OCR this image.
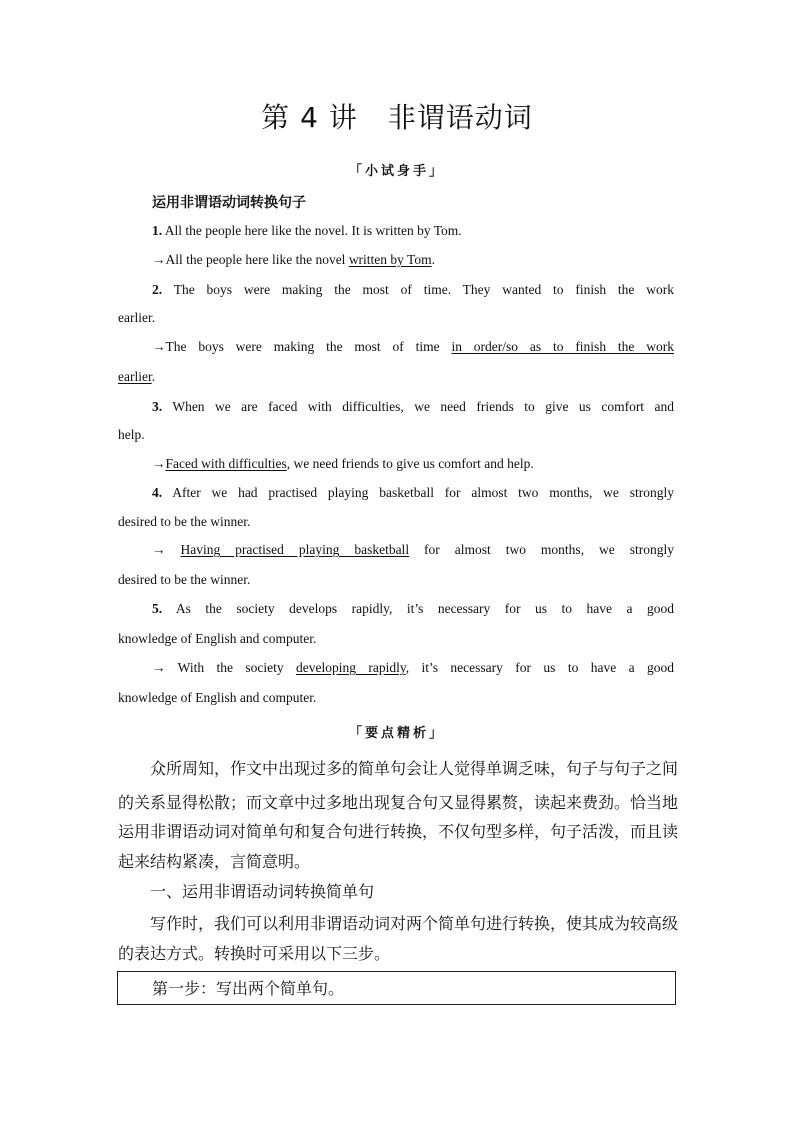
第 4 讲 非谓语动词
「小试身手」
运用非谓语动词转换句子
1. All the people here like the novel. It is written by Tom.
→All the people here like the novel written by Tom.
2. The boys were making the most of time. They wanted to finish the work
earlier.
→The boys were making the most of time in order/so as to finish the work
earlier.
3. When we are faced with difficulties, we need friends to give us comfort and
help.
→Faced with difficulties, we need friends to give us comfort and help.
4. After we had practised playing basketball for almost two months, we strongly
desired to be the winner.
→ Having practised playing basketball for almost two months, we strongly
desired to be the winner.
5. As the society develops rapidly, it’s necessary for us to have a good
knowledge of English and computer.
→ With the society developing rapidly, it’s necessary for us to have a good
knowledge of English and computer.
「要点精析」
众所周知，作文中出现过多的简单句会让人觉得单调乏味，句子与句子之间
的关系显得松散；而文章中过多地出现复合句又显得累赘，读起来费劲。恰当地
运用非谓语动词对简单句和复合句进行转换，不仅句型多样，句子活泼，而且读
起来结构紧凑，言简意明。
一、运用非谓语动词转换简单句
写作时，我们可以利用非谓语动词对两个简单句进行转换，使其成为较高级
的表达方式。转换时可采用以下三步。
第一步：写出两个简单句。
